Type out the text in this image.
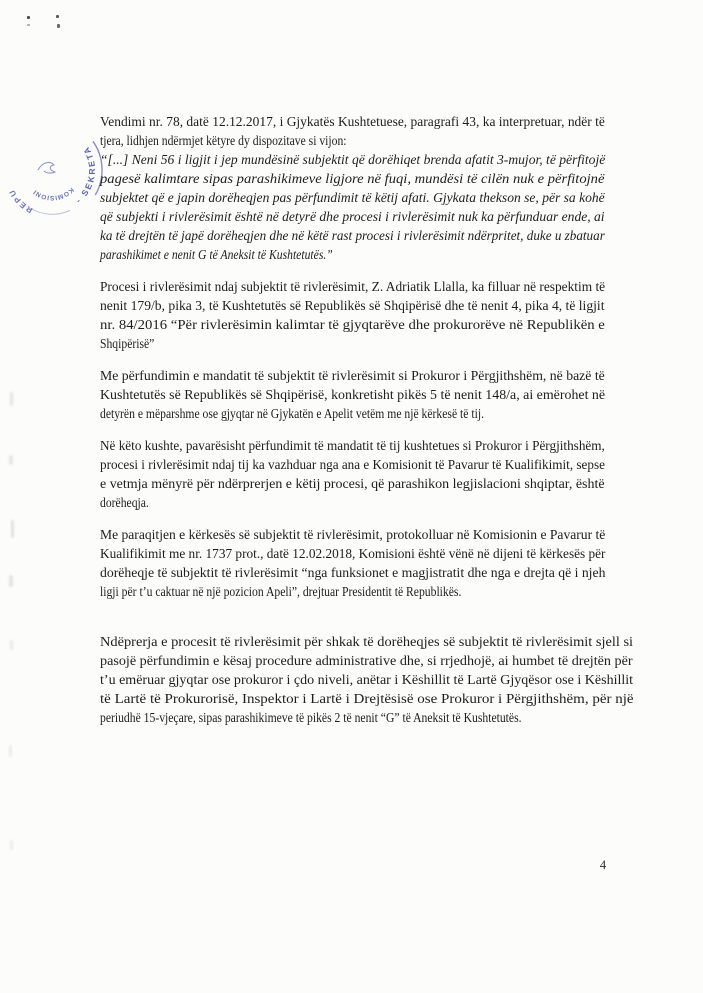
- SEKRETA
REPU	KOMISIONI

Vendimi nr. 78, datë 12.12.2017, i Gjykatës Kushtetuese, paragrafi 43, ka interpretuar, ndër të
tjera, lidhjen ndërmjet këtyre dy dispozitave si vijon:

“[...] Neni 56 i ligjit i jep mundësinë subjektit që dorëhiqet brenda afatit 3-mujor, të përfitojë
pagesë kalimtare sipas parashikimeve ligjore në fuqi, mundësi të cilën nuk e përfitojnë
subjektet që e japin dorëheqjen pas përfundimit të këtij afati. Gjykata thekson se, për sa kohë
që subjekti i rivlerësimit është në detyrë dhe procesi i rivlerësimit nuk ka përfunduar ende, ai
ka të drejtën të japë dorëheqjen dhe në këtë rast procesi i rivlerësimit ndërpritet, duke u zbatuar
parashikimet e nenit G të Aneksit të Kushtetutës.”

Procesi i rivlerësimit ndaj subjektit të rivlerësimit, Z. Adriatik Llalla, ka filluar në respektim të
nenit 179/b, pika 3, të Kushtetutës së Republikës së Shqipërisë dhe të nenit 4, pika 4, të ligjit
nr. 84/2016 “Për rivlerësimin kalimtar të gjyqtarëve dhe prokurorëve në Republikën e
Shqipërisë”

Me përfundimin e mandatit të subjektit të rivlerësimit si Prokuror i Përgjithshëm, në bazë të
Kushtetutës së Republikës së Shqipërisë, konkretisht pikës 5 të nenit 148/a, ai emërohet në
detyrën e mëparshme ose gjyqtar në Gjykatën e Apelit vetëm me një kërkesë të tij.

Në këto kushte, pavarësisht përfundimit të mandatit të tij kushtetues si Prokuror i Përgjithshëm,
procesi i rivlerësimit ndaj tij ka vazhduar nga ana e Komisionit të Pavarur të Kualifikimit, sepse
e vetmja mënyrë për ndërprerjen e këtij procesi, që parashikon legjislacioni shqiptar, është
dorëheqja.

Me paraqitjen e kërkesës së subjektit të rivlerësimit, protokolluar në Komisionin e Pavarur të
Kualifikimit me nr. 1737 prot., datë 12.02.2018, Komisioni është vënë në dijeni të kërkesës për
dorëheqje të subjektit të rivlerësimit “nga funksionet e magjistratit dhe nga e drejta që i njeh
ligji për t’u caktuar në një pozicion Apeli”, drejtuar Presidentit të Republikës.

Ndëprerja e procesit të rivlerësimit për shkak të dorëheqjes së subjektit të rivlerësimit sjell si
pasojë përfundimin e kësaj procedure administrative dhe, si rrjedhojë, ai humbet të drejtën për
t’u emëruar gjyqtar ose prokuror i çdo niveli, anëtar i Këshillit të Lartë Gjyqësor ose i Këshillit
të Lartë të Prokurorisë, Inspektor i Lartë i Drejtësisë ose Prokuror i Përgjithshëm, për një
periudhë 15-vjeçare, sipas parashikimeve të pikës 2 të nenit “G” të Aneksit të Kushtetutës.

4
